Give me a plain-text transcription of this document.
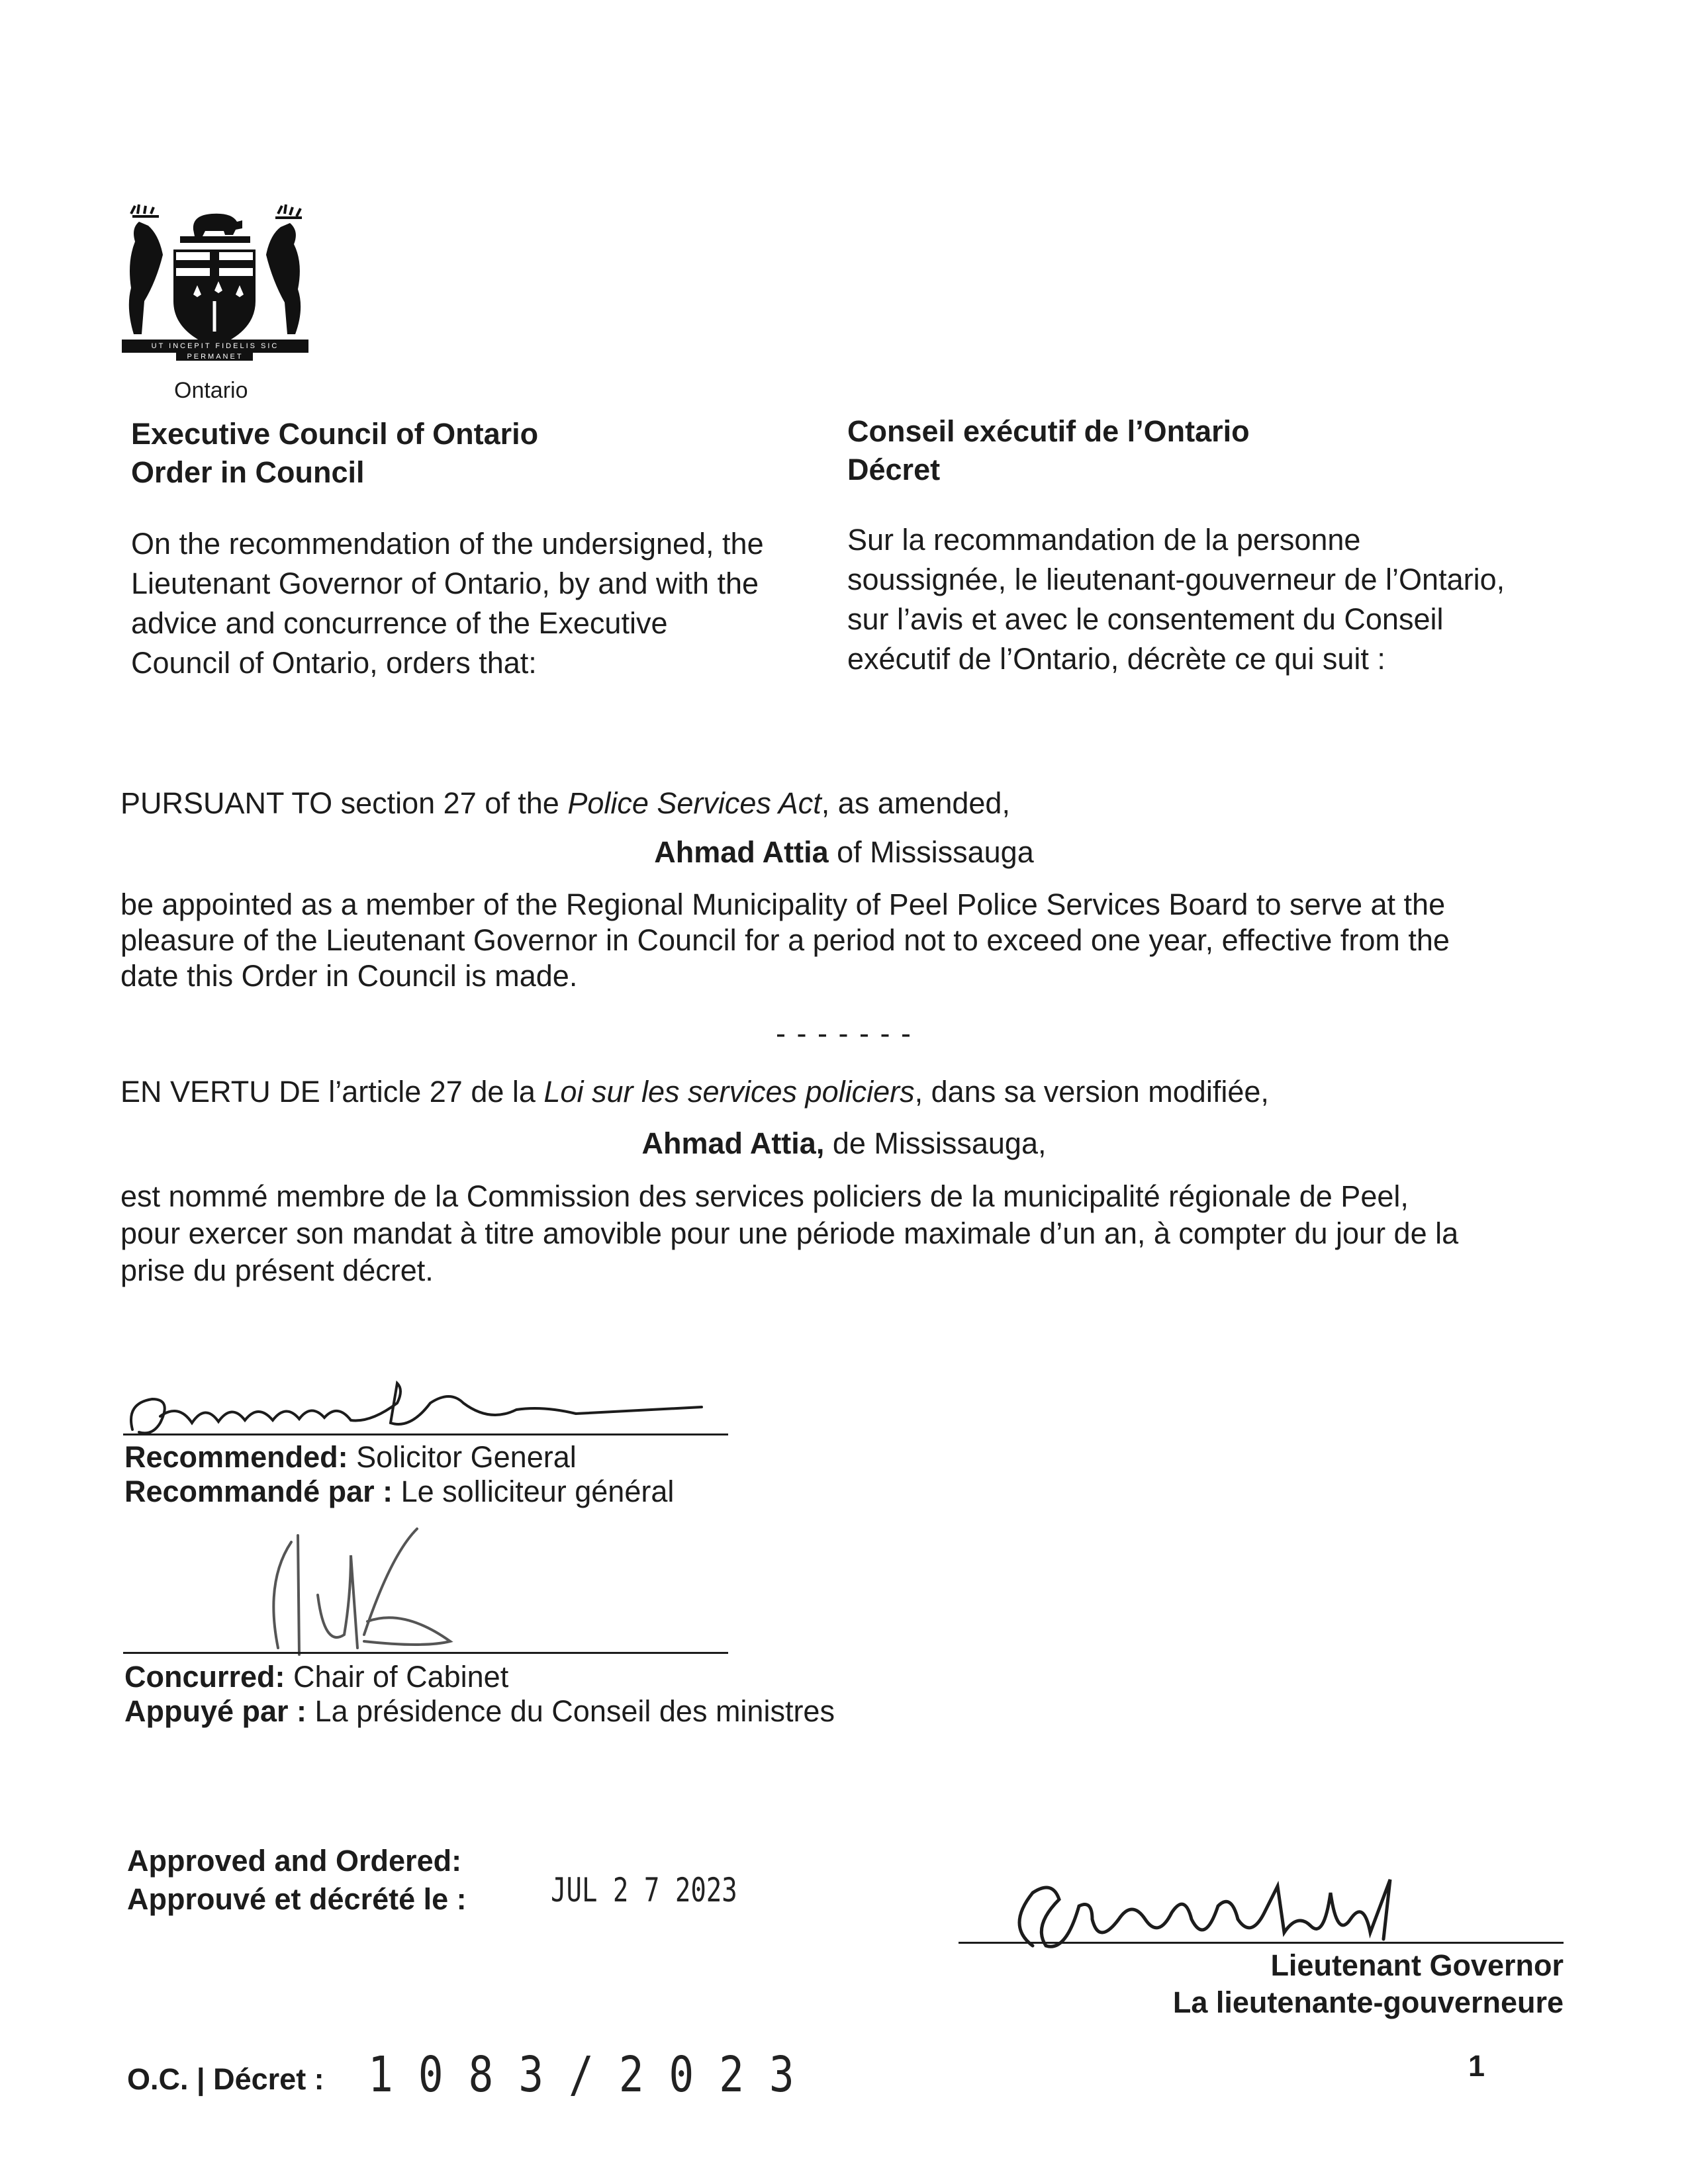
UT INCEPIT FIDELIS SIC PERMANET
Ontario
Executive Council of Ontario
Order in Council
Conseil exécutif de l’Ontario
Décret
On the recommendation of the undersigned, the
Lieutenant Governor of Ontario, by and with the
advice and concurrence of the Executive
Council of Ontario, orders that:
Sur la recommandation de la personne
soussignée, le lieutenant-gouverneur de l’Ontario,
sur l’avis et avec le consentement du Conseil
exécutif de l’Ontario, décrète ce qui suit :
PURSUANT TO section 27 of the Police Services Act, as amended,
Ahmad Attia of Mississauga
be appointed as a member of the Regional Municipality of Peel Police Services Board to serve at the
pleasure of the Lieutenant Governor in Council for a period not to exceed one year, effective from the
date this Order in Council is made.
- - - - - - -
EN VERTU DE l’article 27 de la Loi sur les services policiers, dans sa version modifiée,
Ahmad Attia, de Mississauga,
est nommé membre de la Commission des services policiers de la municipalité régionale de Peel,
pour exercer son mandat à titre amovible pour une période maximale d’un an, à compter du jour de la
prise du présent décret.
Recommended: Solicitor General
Recommandé par : Le solliciteur général
Concurred: Chair of Cabinet
Appuyé par : La présidence du Conseil des ministres
Approved and Ordered:
Approuvé et décrété le :	JUL 2 7 2023
Lieutenant Governor
La lieutenante-gouverneure
O.C. | Décret : 1 0 8 3 / 2 0 2 3	1
